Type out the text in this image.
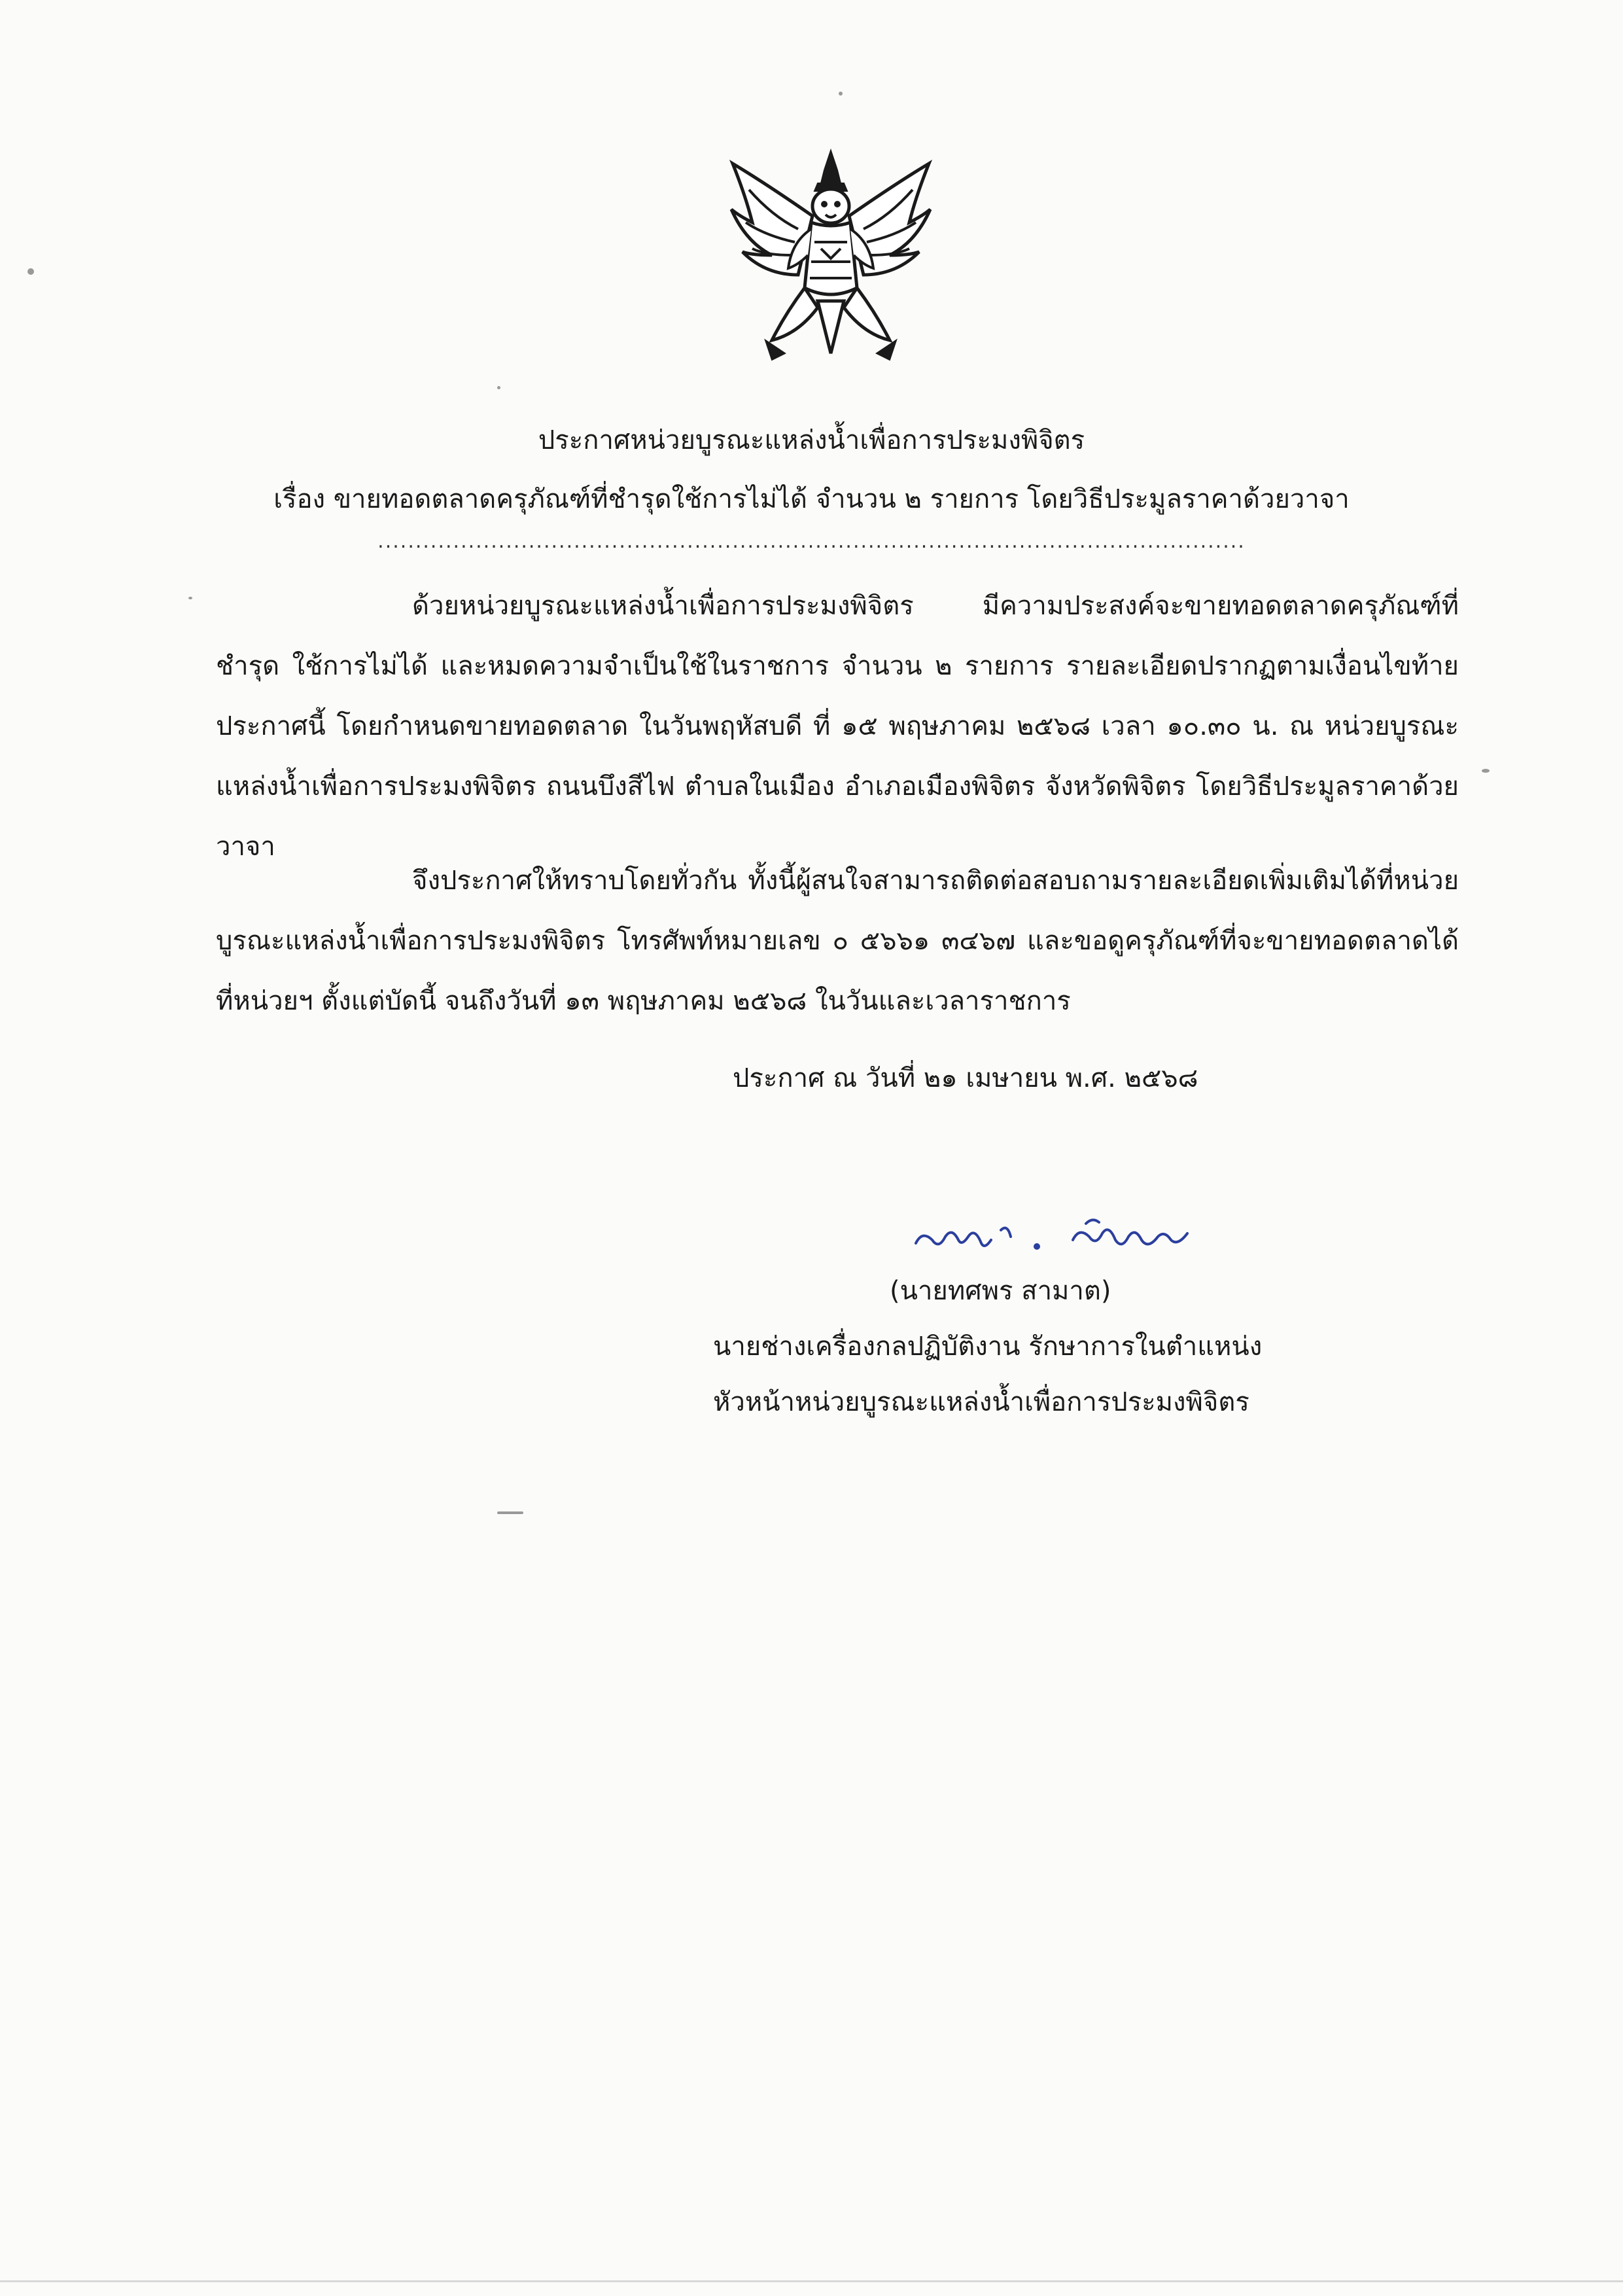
ประกาศหน่วยบูรณะแหล่งน้ำเพื่อการประมงพิจิตร
เรื่อง ขายทอดตลาดครุภัณฑ์ที่ชำรุดใช้การไม่ได้ จำนวน ๒ รายการ โดยวิธีประมูลราคาด้วยวาจา
...................................................................................................................
ด้วยหน่วยบูรณะแหล่งน้ำเพื่อการประมงพิจิตร มีความประสงค์จะขายทอดตลาดครุภัณฑ์ที่ชำรุด ใช้การไม่ได้ และหมดความจำเป็นใช้ในราชการ จำนวน ๒ รายการ รายละเอียดปรากฏตามเงื่อนไขท้ายประกาศนี้ โดยกำหนดขายทอดตลาด ในวันพฤหัสบดี ที่ ๑๕ พฤษภาคม ๒๕๖๘ เวลา ๑๐.๓๐ น. ณ หน่วยบูรณะแหล่งน้ำเพื่อการประมงพิจิตร ถนนบึงสีไฟ ตำบลในเมือง อำเภอเมืองพิจิตร จังหวัดพิจิตร โดยวิธีประมูลราคาด้วยวาจา
จึงประกาศให้ทราบโดยทั่วกัน ทั้งนี้ผู้สนใจสามารถติดต่อสอบถามรายละเอียดเพิ่มเติมได้ที่หน่วยบูรณะแหล่งน้ำเพื่อการประมงพิจิตร โทรศัพท์หมายเลข ๐ ๕๖๖๑ ๓๔๖๗ และขอดูครุภัณฑ์ที่จะขายทอดตลาดได้ที่หน่วยฯ ตั้งแต่บัดนี้ จนถึงวันที่ ๑๓ พฤษภาคม ๒๕๖๘ ในวันและเวลาราชการ
ประกาศ ณ วันที่ ๒๑ เมษายน พ.ศ. ๒๕๖๘
(นายทศพร สามาต)
นายช่างเครื่องกลปฏิบัติงาน รักษาการในตำแหน่ง
หัวหน้าหน่วยบูรณะแหล่งน้ำเพื่อการประมงพิจิตร
